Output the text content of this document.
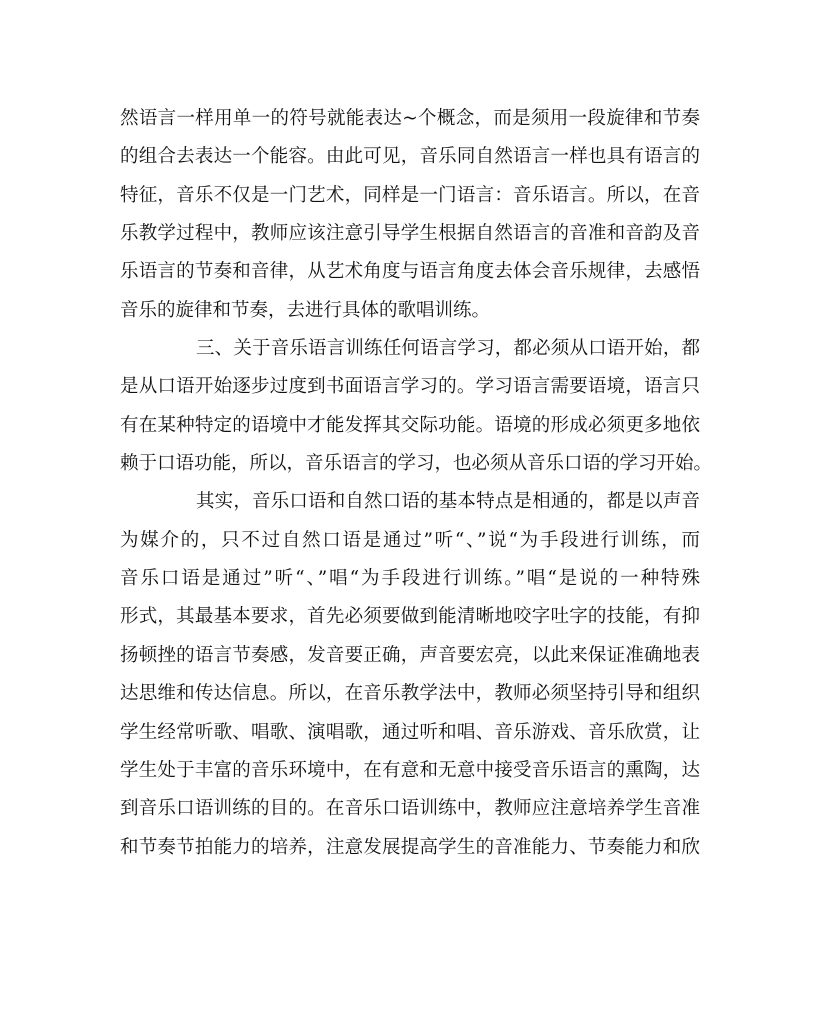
然语言一样用单一的符号就能表达~个概念，而是须用一段旋律和节奏
的组合去表达一个能容。由此可见，音乐同自然语言一样也具有语言的
特征，音乐不仅是一门艺术，同样是一门语言：音乐语言。所以，在音
乐教学过程中，教师应该注意引导学生根据自然语言的音准和音韵及音
乐语言的节奏和音律，从艺术角度与语言角度去体会音乐规律，去感悟
音乐的旋律和节奏，去进行具体的歌唱训练。
三、关于音乐语言训练任何语言学习，都必须从口语开始，都
是从口语开始逐步过度到书面语言学习的。学习语言需要语境，语言只
有在某种特定的语境中才能发挥其交际功能。语境的形成必须更多地依
赖于口语功能，所以，音乐语言的学习，也必须从音乐口语的学习开始。
其实，音乐口语和自然口语的基本特点是相通的，都是以声音
为媒介的，只不过自然口语是通过”听“、”说“为手段进行训练，而
音乐口语是通过”听“、”唱“为手段进行训练。”唱“是说的一种特殊
形式，其最基本要求，首先必须要做到能清晰地咬字吐字的技能，有抑
扬顿挫的语言节奏感，发音要正确，声音要宏亮，以此来保证准确地表
达思维和传达信息。所以，在音乐教学法中，教师必须坚持引导和组织
学生经常听歌、唱歌、演唱歌，通过听和唱、音乐游戏、音乐欣赏，让
学生处于丰富的音乐环境中，在有意和无意中接受音乐语言的熏陶，达
到音乐口语训练的目的。在音乐口语训练中，教师应注意培养学生音准
和节奏节拍能力的培养，注意发展提高学生的音准能力、节奏能力和欣
